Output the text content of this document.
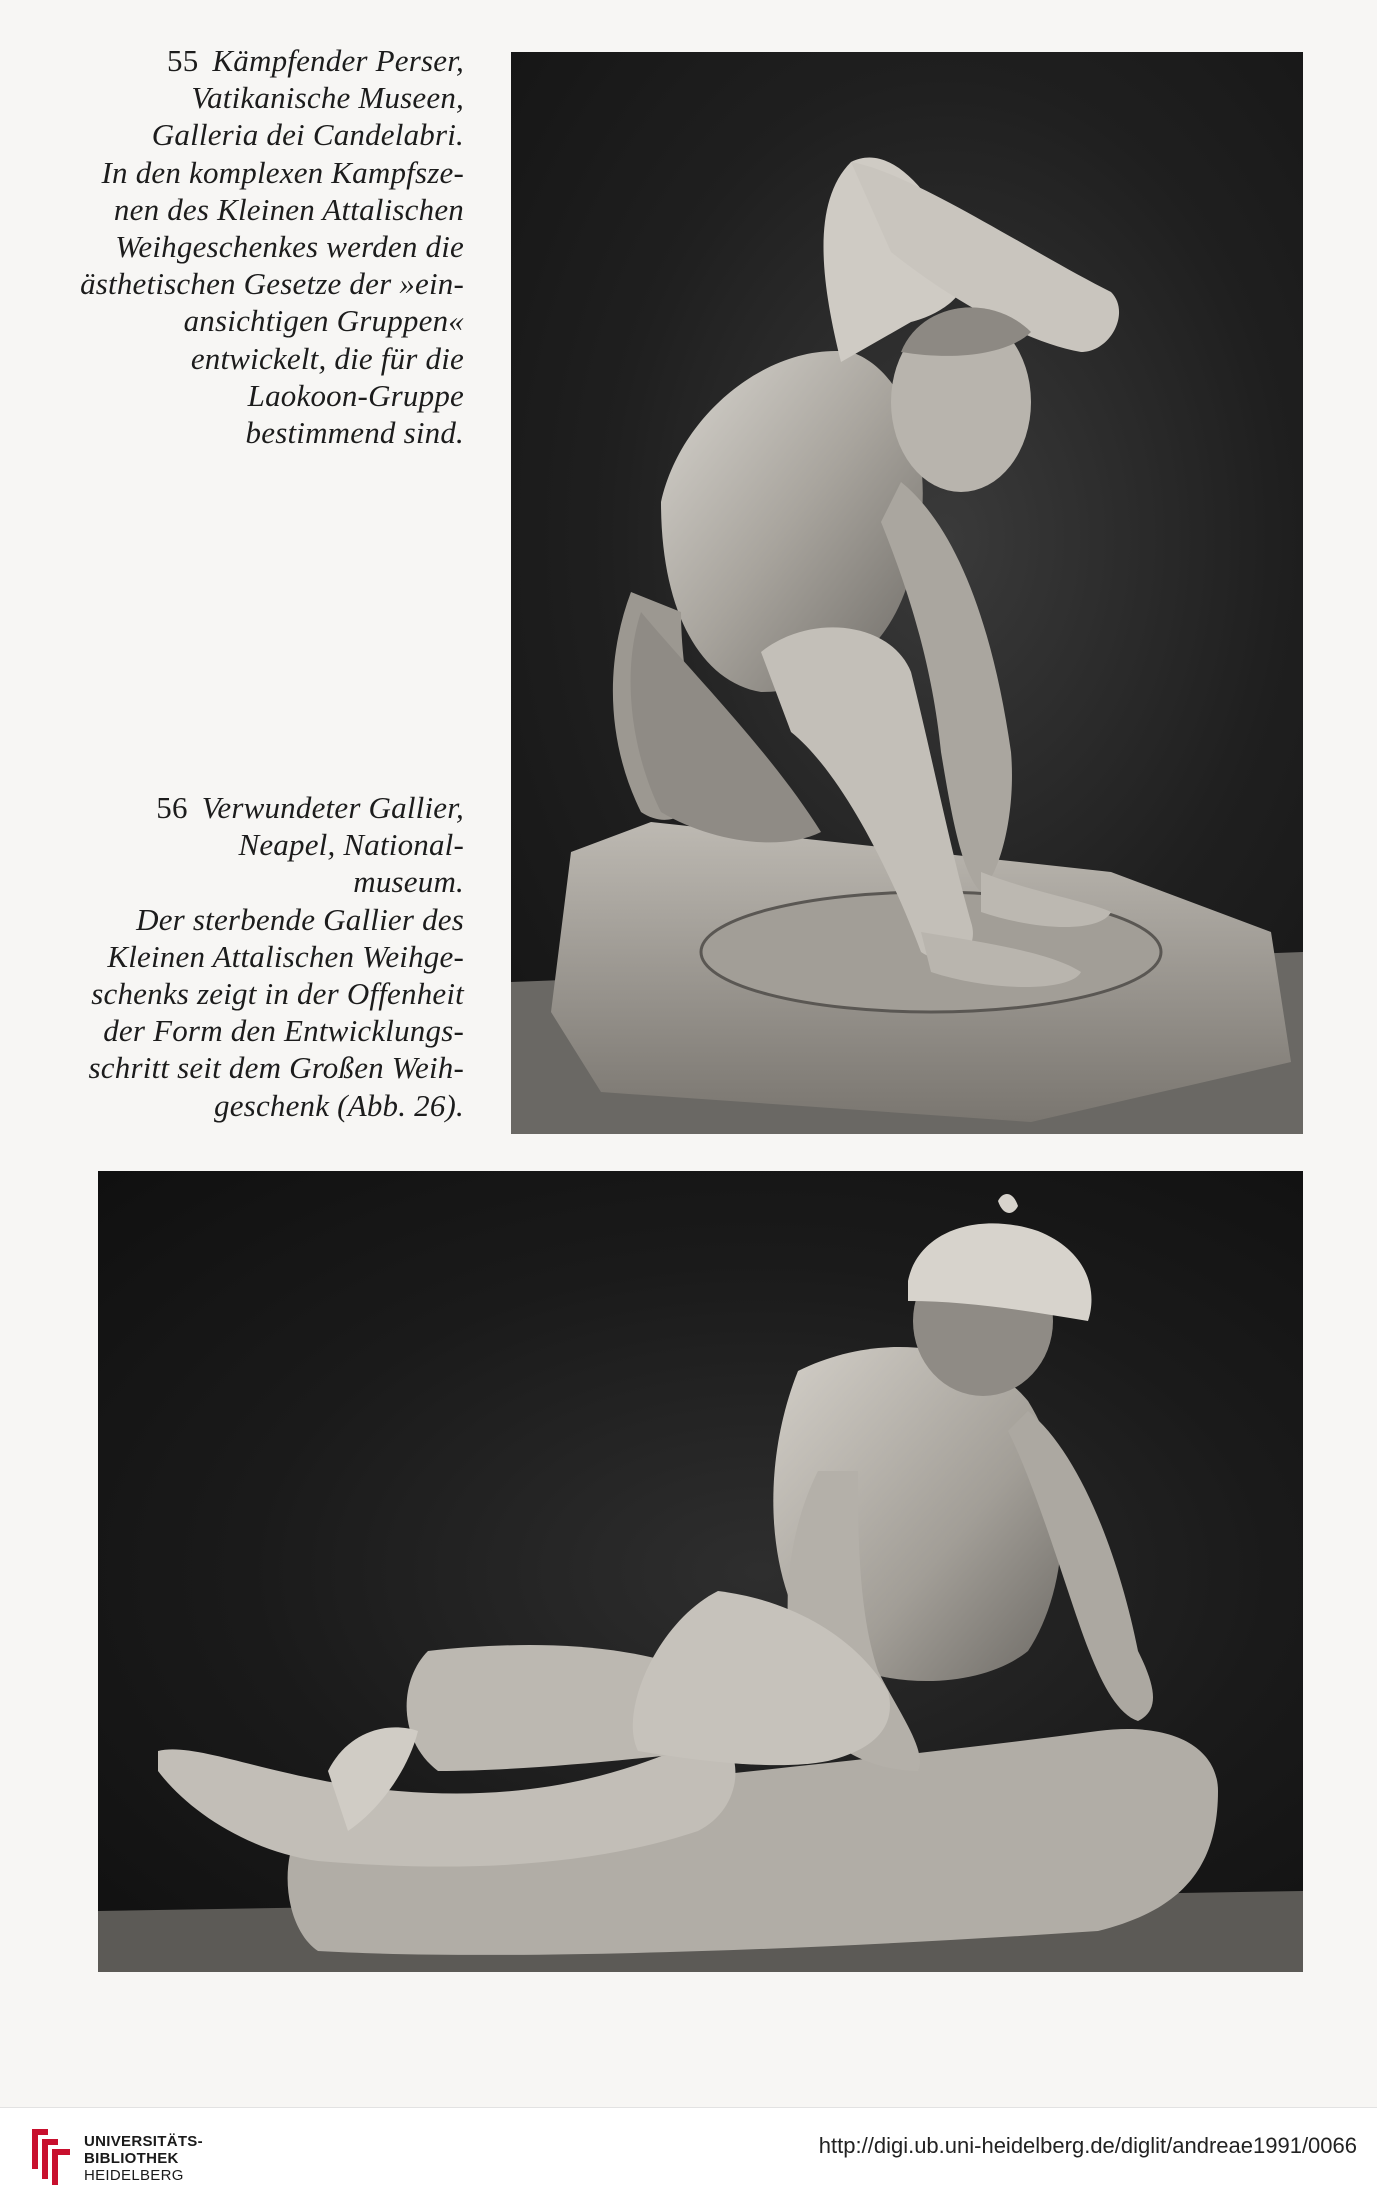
55 Kämpfender Perser,
Vatikanische Museen,
Galleria dei Candelabri.
In den komplexen Kampfsze-
nen des Kleinen Attalischen
Weihgeschenkes werden die
ästhetischen Gesetze der »ein-
ansichtigen Gruppen«
entwickelt, die für die
Laokoon-Gruppe
bestimmend sind.
56 Verwundeter Gallier,
Neapel, National-
museum.
Der sterbende Gallier des
Kleinen Attalischen Weihge-
schenks zeigt in der Offenheit
der Form den Entwicklungs-
schritt seit dem Großen Weih-
geschenk (Abb. 26).
UNIVERSITÄTS-
BIBLIOTHEK
HEIDELBERG
http://digi.ub.uni-heidelberg.de/diglit/andreae1991/0066
